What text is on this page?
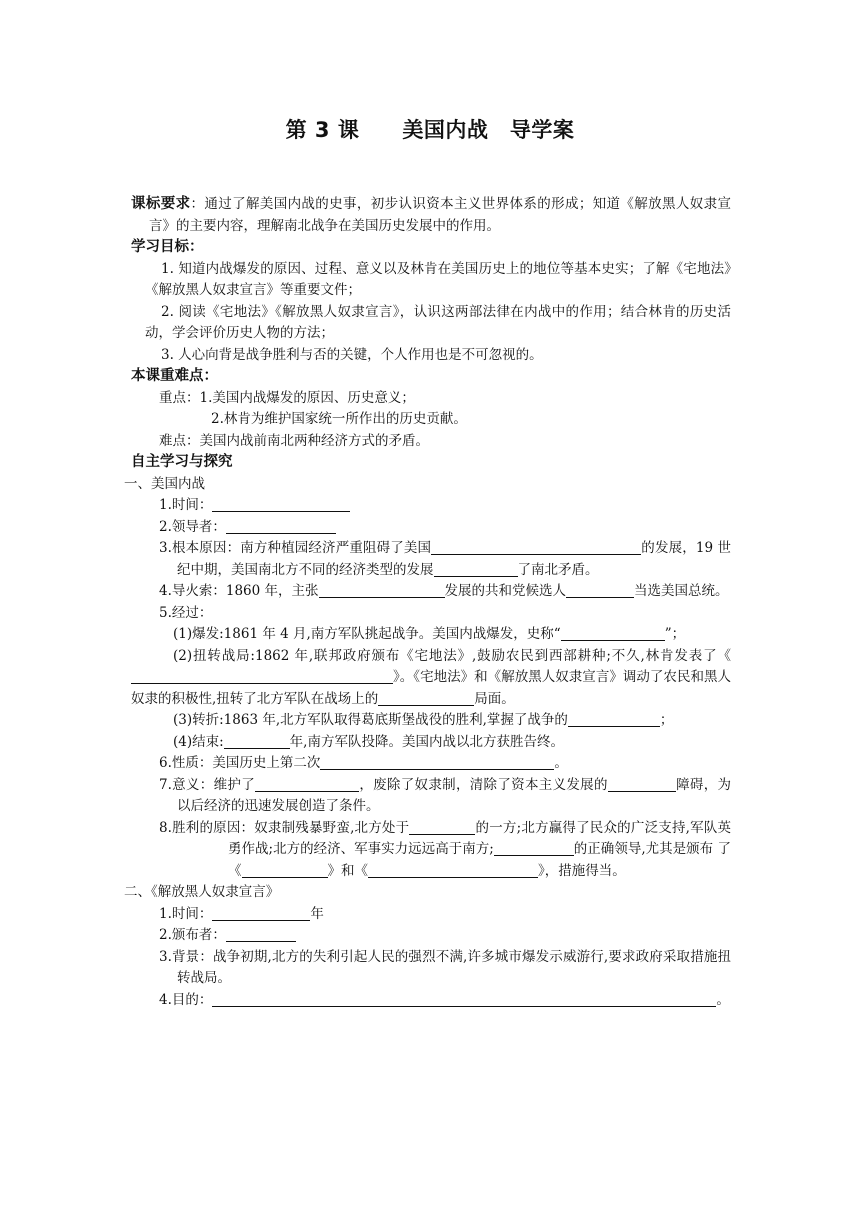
第 3 课　　美国内战　导学案
课标要求：通过了解美国内战的史事，初步认识资本主义世界体系的形成；知道《解放黑人奴隶宣言》的主要内容，理解南北战争在美国历史发展中的作用。
学习目标：
1. 知道内战爆发的原因、过程、意义以及林肯在美国历史上的地位等基本史实；了解《宅地法》《解放黑人奴隶宣言》等重要文件；
2. 阅读《宅地法》《解放黑人奴隶宣言》，认识这两部法律在内战中的作用；结合林肯的历史活动，学会评价历史人物的方法；
3. 人心向背是战争胜利与否的关键，个人作用也是不可忽视的。
本课重难点：
重点：1.美国内战爆发的原因、历史意义；
2.林肯为维护国家统一所作出的历史贡献。
难点：美国内战前南北两种经济方式的矛盾。
自主学习与探究
一、美国内战
1.时间：
2.领导者：
3.根本原因：南方种植园经济严重阻碍了美国	的发展，19 世纪中期，美国南北方不同的经济类型的发展	了南北矛盾。
4.导火索：1860 年，主张	发展的共和党候选人	当选美国总统。
5.经过：
(1)爆发:1861 年 4 月,南方军队挑起战争。美国内战爆发，史称“	”；
(2)扭转战局:1862 年,联邦政府颁布《宅地法》,鼓励农民到西部耕种;不久,林肯发表了《》。《宅地法》和《解放黑人奴隶宣言》调动了农民和黑人奴隶的积极性,扭转了北方军队在战场上的	局面。
(3)转折:1863 年,北方军队取得葛底斯堡战役的胜利,掌握了战争的	；
(4)结束:	年,南方军队投降。美国内战以北方获胜告终。
6.性质：美国历史上第二次	。
7.意义：维护了	，废除了奴隶制，清除了资本主义发展的	障碍，为以后经济的迅速发展创造了条件。
8.胜利的原因：奴隶制残暴野蛮,北方处于	的一方;北方赢得了民众的广泛支持,军队英勇作战;北方的经济、军事实力远远高于南方;	的正确领导,尤其是颁布 了《	》和《	》，措施得当。
二、《解放黑人奴隶宣言》
1.时间：	年
2.颁布者：
3.背景：战争初期,北方的失利引起人民的强烈不满,许多城市爆发示威游行,要求政府采取措施扭转战局。
4.目的：	。
